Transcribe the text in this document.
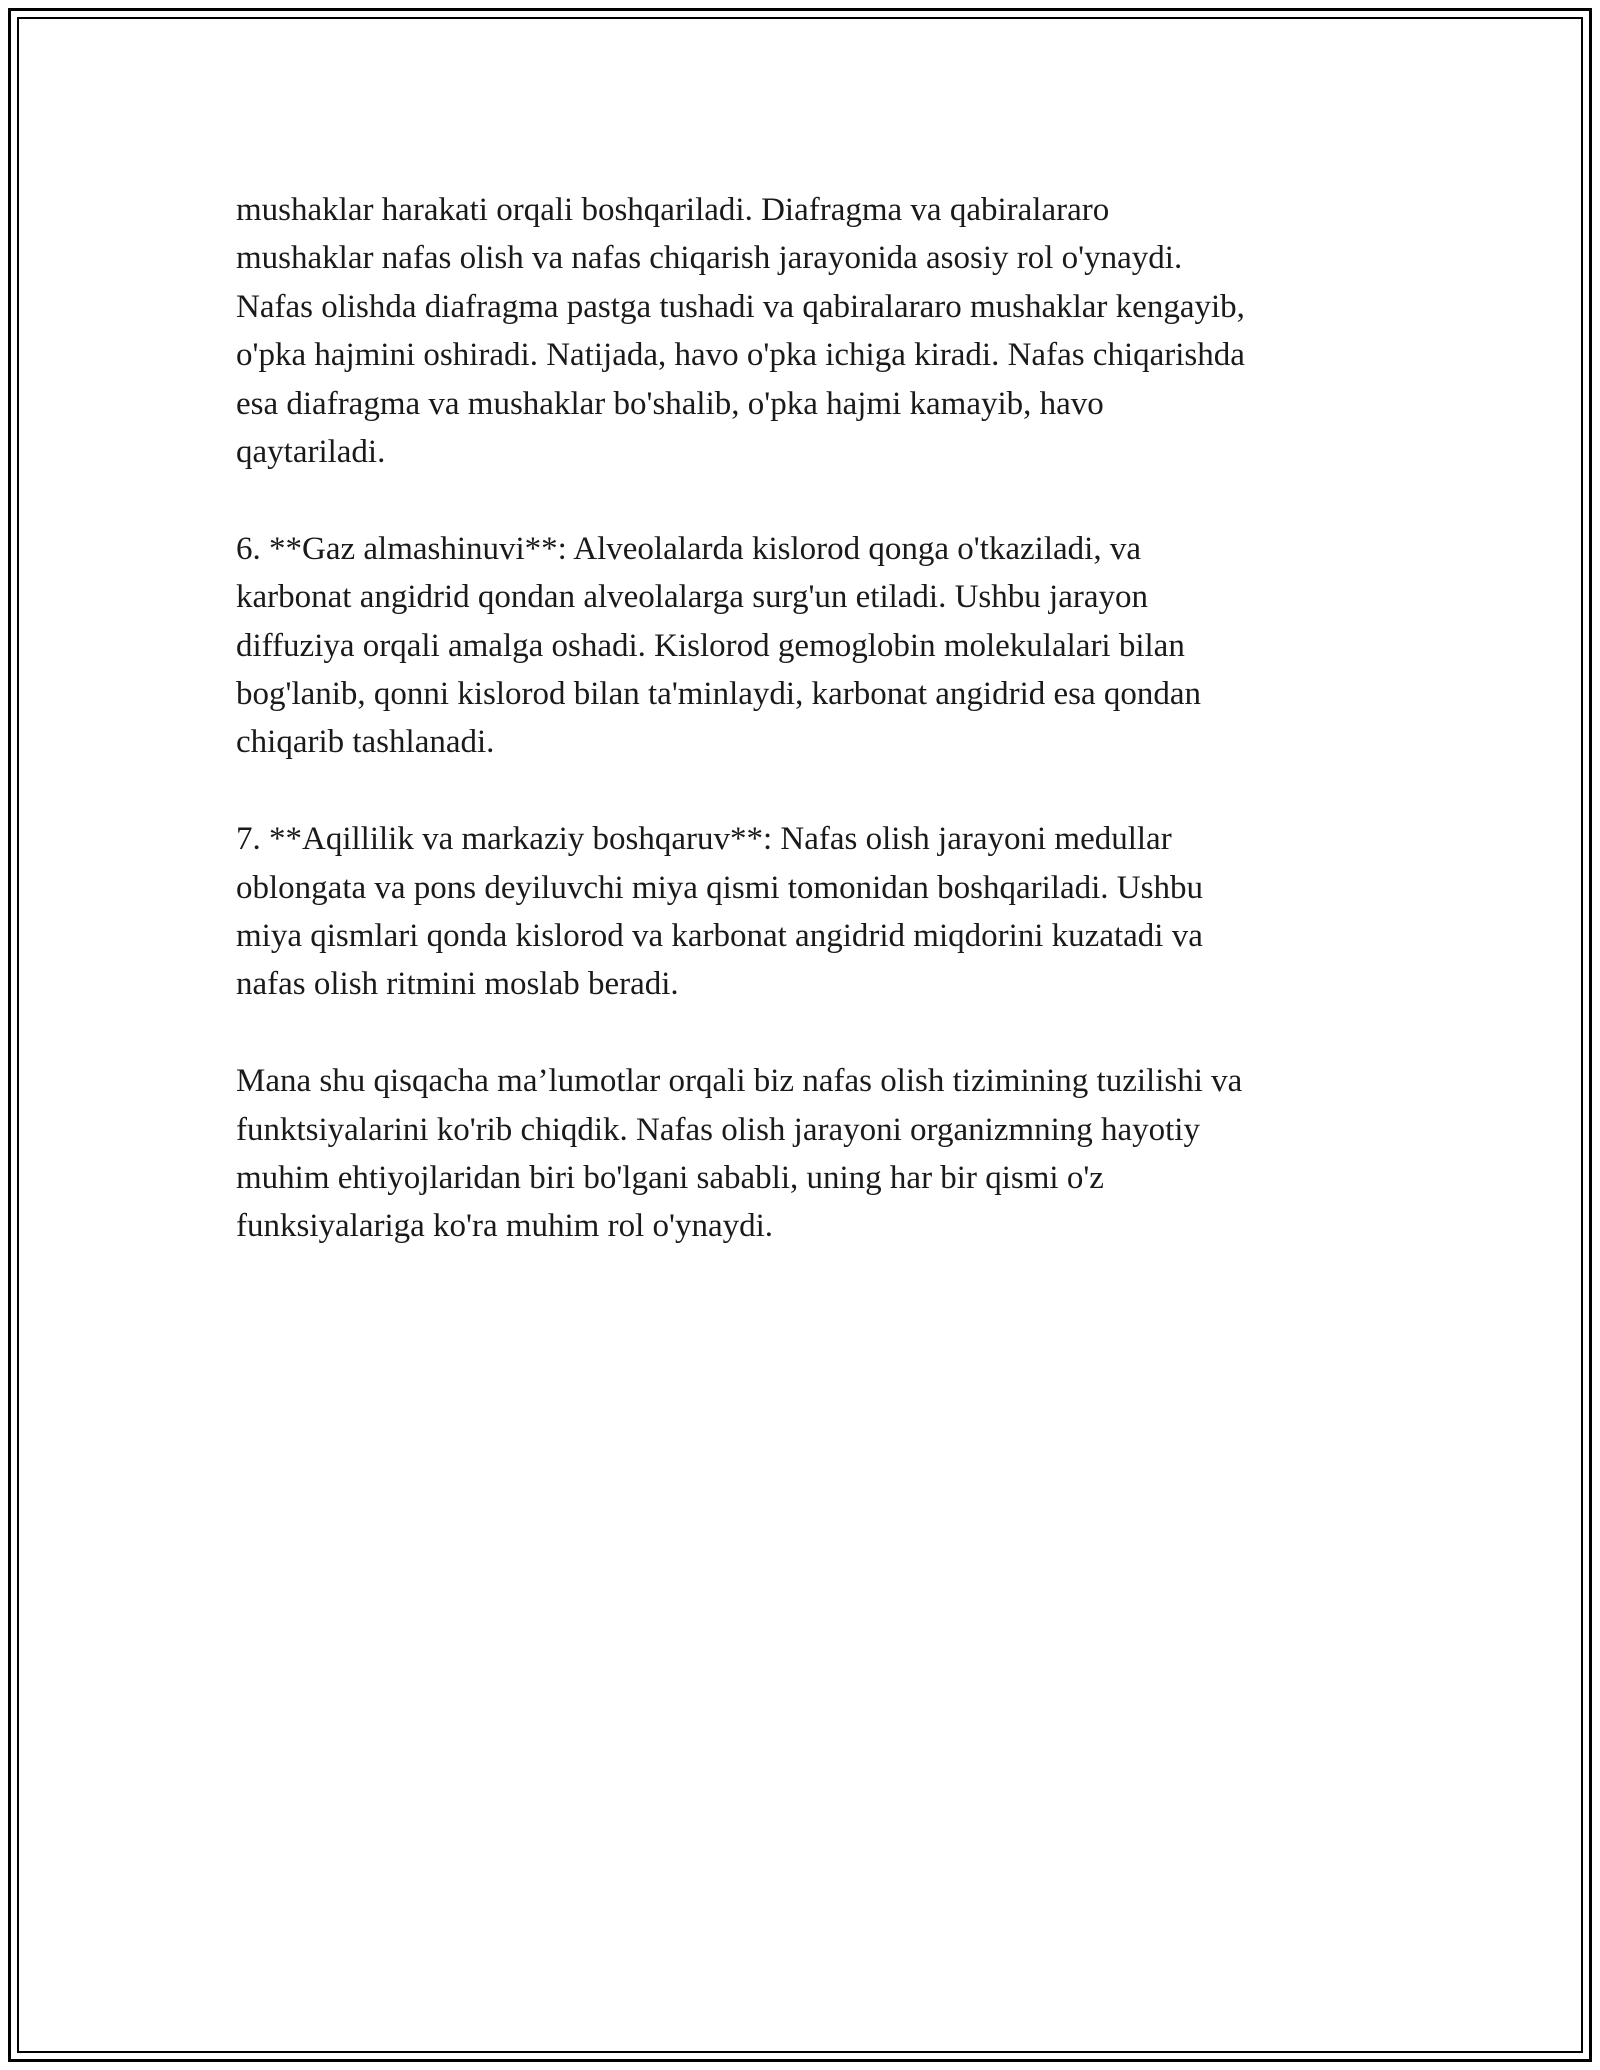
mushaklar harakati orqali boshqariladi. Diafragma va qabiralararo
mushaklar nafas olish va nafas chiqarish jarayonida asosiy rol o'ynaydi.
Nafas olishda diafragma pastga tushadi va qabiralararo mushaklar kengayib,
o'pka hajmini oshiradi. Natijada, havo o'pka ichiga kiradi. Nafas chiqarishda
esa diafragma va mushaklar bo'shalib, o'pka hajmi kamayib, havo
qaytariladi.

6. **Gaz almashinuvi**: Alveolalarda kislorod qonga o'tkaziladi, va
karbonat angidrid qondan alveolalarga surg'un etiladi. Ushbu jarayon
diffuziya orqali amalga oshadi. Kislorod gemoglobin molekulalari bilan
bog'lanib, qonni kislorod bilan ta'minlaydi, karbonat angidrid esa qondan
chiqarib tashlanadi.

7. **Aqillilik va markaziy boshqaruv**: Nafas olish jarayoni medullar
oblongata va pons deyiluvchi miya qismi tomonidan boshqariladi. Ushbu
miya qismlari qonda kislorod va karbonat angidrid miqdorini kuzatadi va
nafas olish ritmini moslab beradi.

Mana shu qisqacha ma’lumotlar orqali biz nafas olish tizimining tuzilishi va
funktsiyalarini ko'rib chiqdik. Nafas olish jarayoni organizmning hayotiy
muhim ehtiyojlaridan biri bo'lgani sababli, uning har bir qismi o'z
funksiyalariga ko'ra muhim rol o'ynaydi.
